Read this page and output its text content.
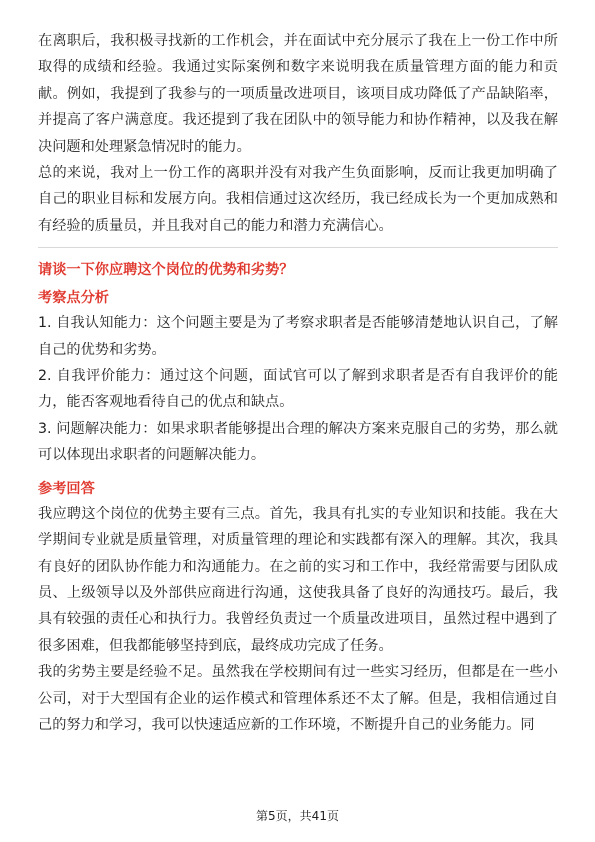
在离职后，我积极寻找新的工作机会，并在面试中充分展示了我在上一份工作中所取得的成绩和经验。我通过实际案例和数字来说明我在质量管理方面的能力和贡献。例如，我提到了我参与的一项质量改进项目，该项目成功降低了产品缺陷率，并提高了客户满意度。我还提到了我在团队中的领导能力和协作精神，以及我在解决问题和处理紧急情况时的能力。

总的来说，我对上一份工作的离职并没有对我产生负面影响，反而让我更加明确了自己的职业目标和发展方向。我相信通过这次经历，我已经成长为一个更加成熟和有经验的质量员，并且我对自己的能力和潜力充满信心。

请谈一下你应聘这个岗位的优势和劣势？
考察点分析

1. 自我认知能力：这个问题主要是为了考察求职者是否能够清楚地认识自己，了解自己的优势和劣势。

2. 自我评价能力：通过这个问题，面试官可以了解到求职者是否有自我评价的能力，能否客观地看待自己的优点和缺点。

3. 问题解决能力：如果求职者能够提出合理的解决方案来克服自己的劣势，那么就可以体现出求职者的问题解决能力。

参考回答

我应聘这个岗位的优势主要有三点。首先，我具有扎实的专业知识和技能。我在大学期间专业就是质量管理，对质量管理的理论和实践都有深入的理解。其次，我具有良好的团队协作能力和沟通能力。在之前的实习和工作中，我经常需要与团队成员、上级领导以及外部供应商进行沟通，这使我具备了良好的沟通技巧。最后，我具有较强的责任心和执行力。我曾经负责过一个质量改进项目，虽然过程中遇到了很多困难，但我都能够坚持到底，最终成功完成了任务。

我的劣势主要是经验不足。虽然我在学校期间有过一些实习经历，但都是在一些小公司，对于大型国有企业的运作模式和管理体系还不太了解。但是，我相信通过自己的努力和学习，我可以快速适应新的工作环境，不断提升自己的业务能力。同

第5页，共41页
